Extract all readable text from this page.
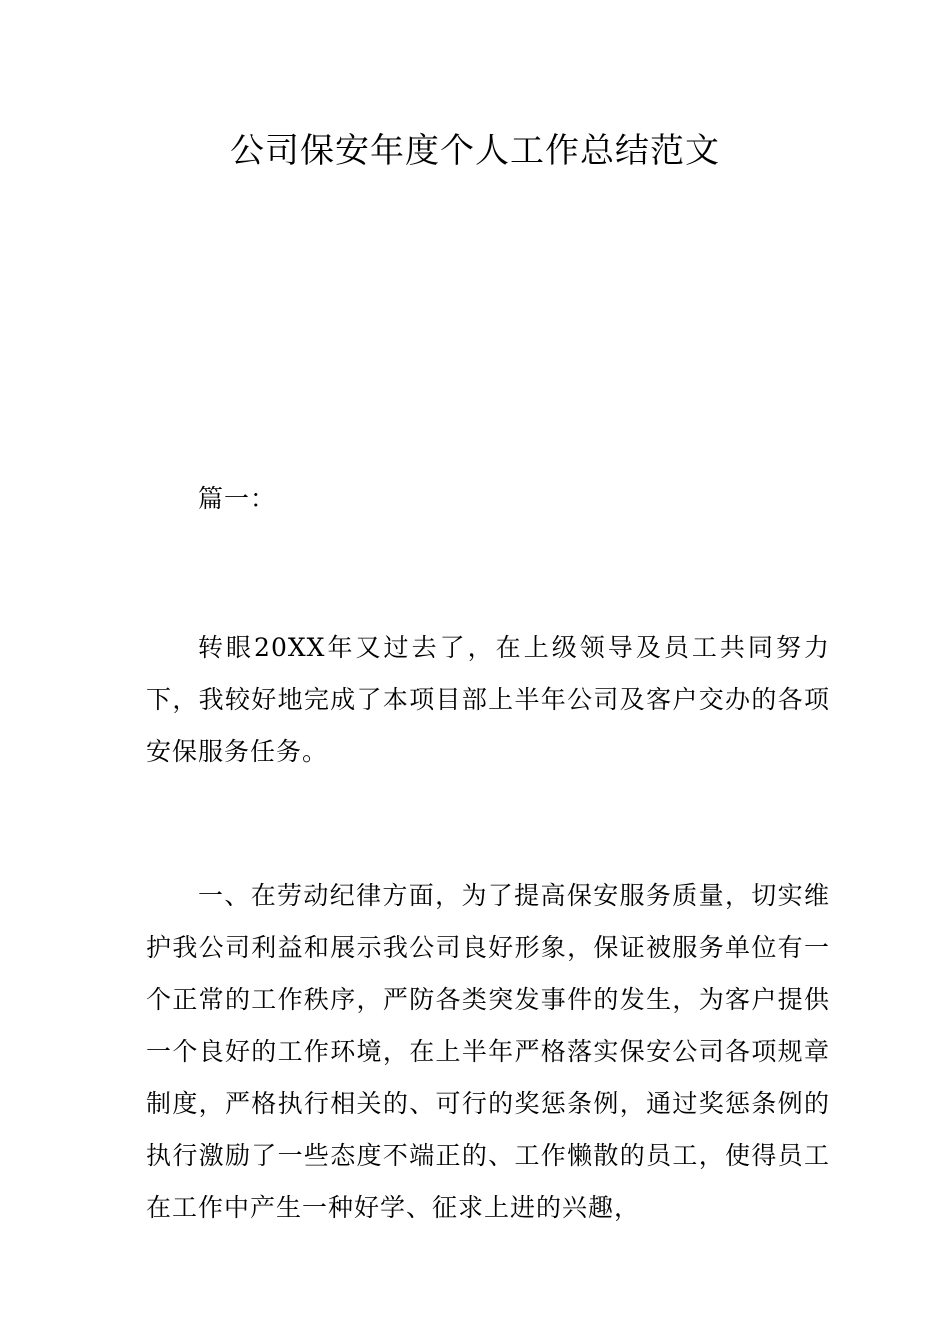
公司保安年度个人工作总结范文

篇一：

转眼20XX年又过去了，在上级领导及员工共同努力下，我较好地完成了本项目部上半年公司及客户交办的各项安保服务任务。

一、在劳动纪律方面，为了提高保安服务质量，切实维护我公司利益和展示我公司良好形象，保证被服务单位有一个正常的工作秩序，严防各类突发事件的发生，为客户提供一个良好的工作环境，在上半年严格落实保安公司各项规章制度，严格执行相关的、可行的奖惩条例，通过奖惩条例的执行激励了一些态度不端正的、工作懒散的员工，使得员工在工作中产生一种好学、征求上进的兴趣，
